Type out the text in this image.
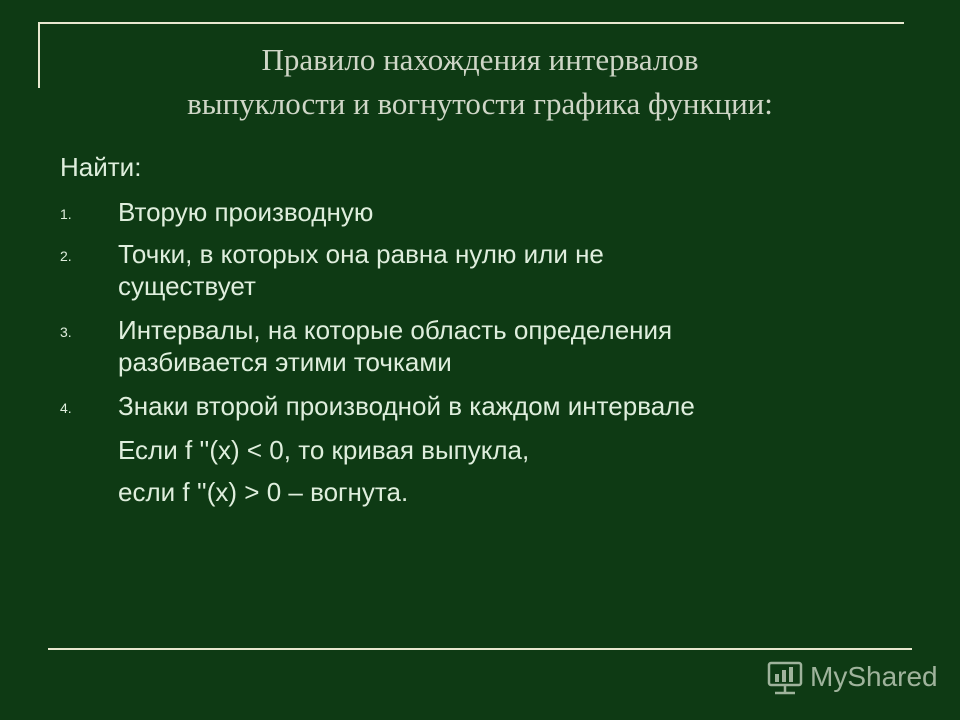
Правило нахождения интервалов
выпуклости и вогнутости графика функции:
Найти:
1. Вторую производную
2. Точки, в которых она равна нулю или не существует
3. Интервалы, на которые область определения разбивается этими точками
4. Знаки второй производной в каждом интервале
Если f ''(x) < 0, то кривая выпукла,
если f ''(x) > 0 – вогнута.
MyShared
